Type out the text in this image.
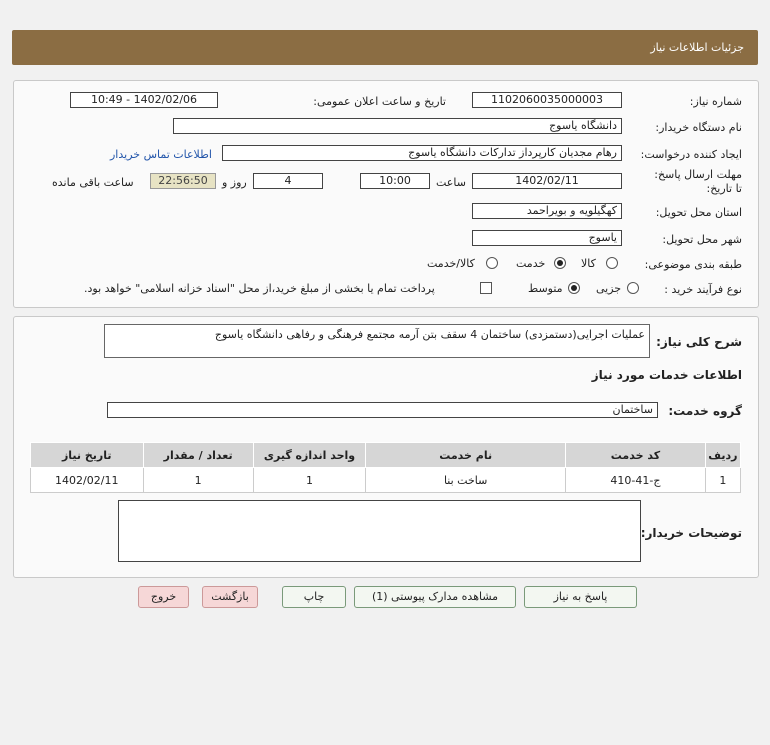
جزئیات اطلاعات نیاز
شماره نیاز:
1102060035000003
تاریخ و ساعت اعلان عمومی:
1402/02/06 - 10:49
نام دستگاه خریدار:
دانشگاه یاسوج
ایجاد کننده درخواست:
رهام مجدیان کارپرداز تدارکات دانشگاه یاسوج
اطلاعات تماس خریدار
مهلت ارسال پاسخ: تا تاریخ:
1402/02/11
ساعت
10:00
4
روز و
22:56:50
ساعت باقی مانده
استان محل تحویل:
کهگیلویه و بویراحمد
شهر محل تحویل:
یاسوج
طبقه بندی موضوعی:
کالا
خدمت
کالا/خدمت
نوع فرآیند خرید :
جزیی
متوسط
پرداخت تمام یا بخشی از مبلغ خرید،از محل "اسناد خزانه اسلامی" خواهد بود.
شرح کلی نیاز:
عملیات اجرایی(دستمزدی) ساختمان 4 سقف بتن آرمه مجتمع فرهنگی و رفاهی دانشگاه یاسوج
اطلاعات خدمات مورد نیاز
گروه خدمت:
ساختمان
ردیف	کد خدمت	نام خدمت	واحد اندازه گیری	تعداد / مقدار	تاریخ نیاز
1	ج-41-410	ساخت بنا	1	1	1402/02/11
توضیحات خریدار:
پاسخ به نیاز
مشاهده مدارک پیوستی (1)
چاپ
بازگشت
خروج
